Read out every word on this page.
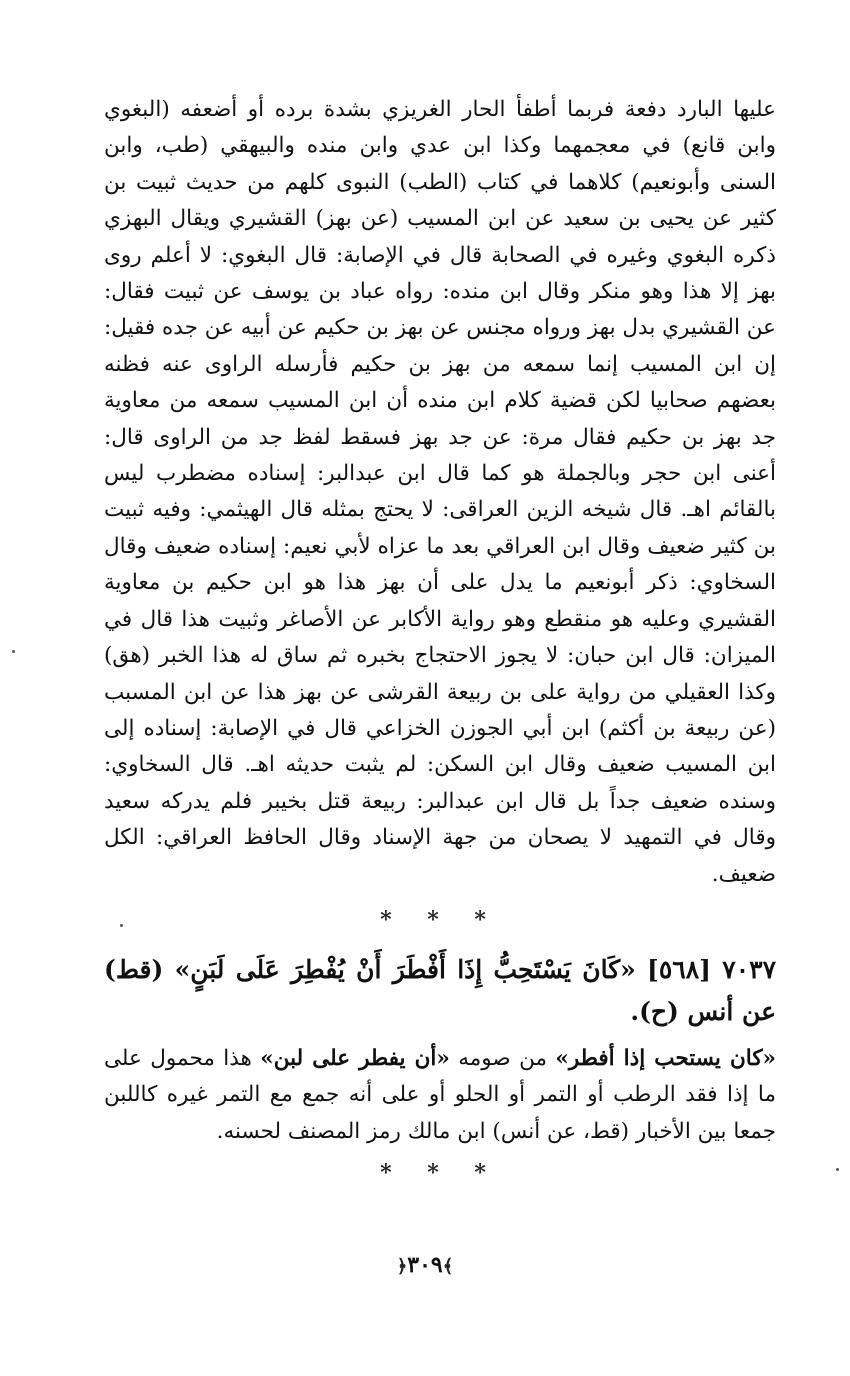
عليها البارد دفعة فربما أطفأ الحار الغريزي بشدة برده أو أضعفه (البغوي وابن قانع) في معجمهما وكذا ابن عدي وابن منده والبيهقي (طب، وابن السنى وأبونعيم) كلاهما في كتاب (الطب) النبوى كلهم من حديث ثبيت بن كثير عن يحيى بن سعيد عن ابن المسيب (عن بهز) القشيري ويقال البهزي ذكره البغوي وغيره في الصحابة قال في الإصابة: قال البغوي: لا أعلم روى بهز إلا هذا وهو منكر وقال ابن منده: رواه عباد بن يوسف عن ثبيت فقال: عن القشيري بدل بهز ورواه مجنس عن بهز بن حكيم عن أبيه عن جده فقيل: إن ابن المسيب إنما سمعه من بهز بن حكيم فأرسله الراوى عنه فظنه بعضهم صحابيا لكن قضية كلام ابن منده أن ابن المسيب سمعه من معاوية جد بهز بن حكيم فقال مرة: عن جد بهز فسقط لفظ جد من الراوى قال: أعنى ابن حجر وبالجملة هو كما قال ابن عبدالبر: إسناده مضطرب ليس بالقائم اهـ. قال شيخه الزين العراقى: لا يحتج بمثله قال الهيثمي: وفيه ثبيت بن كثير ضعيف وقال ابن العراقي بعد ما عزاه لأبي نعيم: إسناده ضعيف وقال السخاوي: ذكر أبونعيم ما يدل على أن بهز هذا هو ابن حكيم بن معاوية القشيري وعليه هو منقطع وهو رواية الأكابر عن الأصاغر وثبيت هذا قال في الميزان: قال ابن حبان: لا يجوز الاحتجاج بخبره ثم ساق له هذا الخبر (هق) وكذا العقيلي من رواية على بن ربيعة القرشى عن بهز هذا عن ابن المسبب (عن ربيعة بن أكثم) ابن أبي الجوزن الخزاعي قال في الإصابة: إسناده إلى ابن المسيب ضعيف وقال ابن السكن: لم يثبت حديثه اهـ. قال السخاوي: وسنده ضعيف جداً بل قال ابن عبدالبر: ربيعة قتل بخيبر فلم يدركه سعيد وقال في التمهيد لا يصحان من جهة الإسناد وقال الحافظ العراقي: الكل ضعيف.

* * *

٧٠٣٧ [٥٦٨] «كَانَ يَسْتَحِبُّ إِذَا أَفْطَرَ أَنْ يُفْطِرَ عَلَى لَبَنٍ» (قط) عن أنس (ح).

«كان يستحب إذا أفطر» من صومه «أن يفطر على لبن» هذا محمول على ما إذا فقد الرطب أو التمر أو الحلو أو على أنه جمع مع التمر غيره كاللبن جمعا بين الأخبار (قط، عن أنس) ابن مالك رمز المصنف لحسنه.

* * *
﴾٣٠٩﴿
